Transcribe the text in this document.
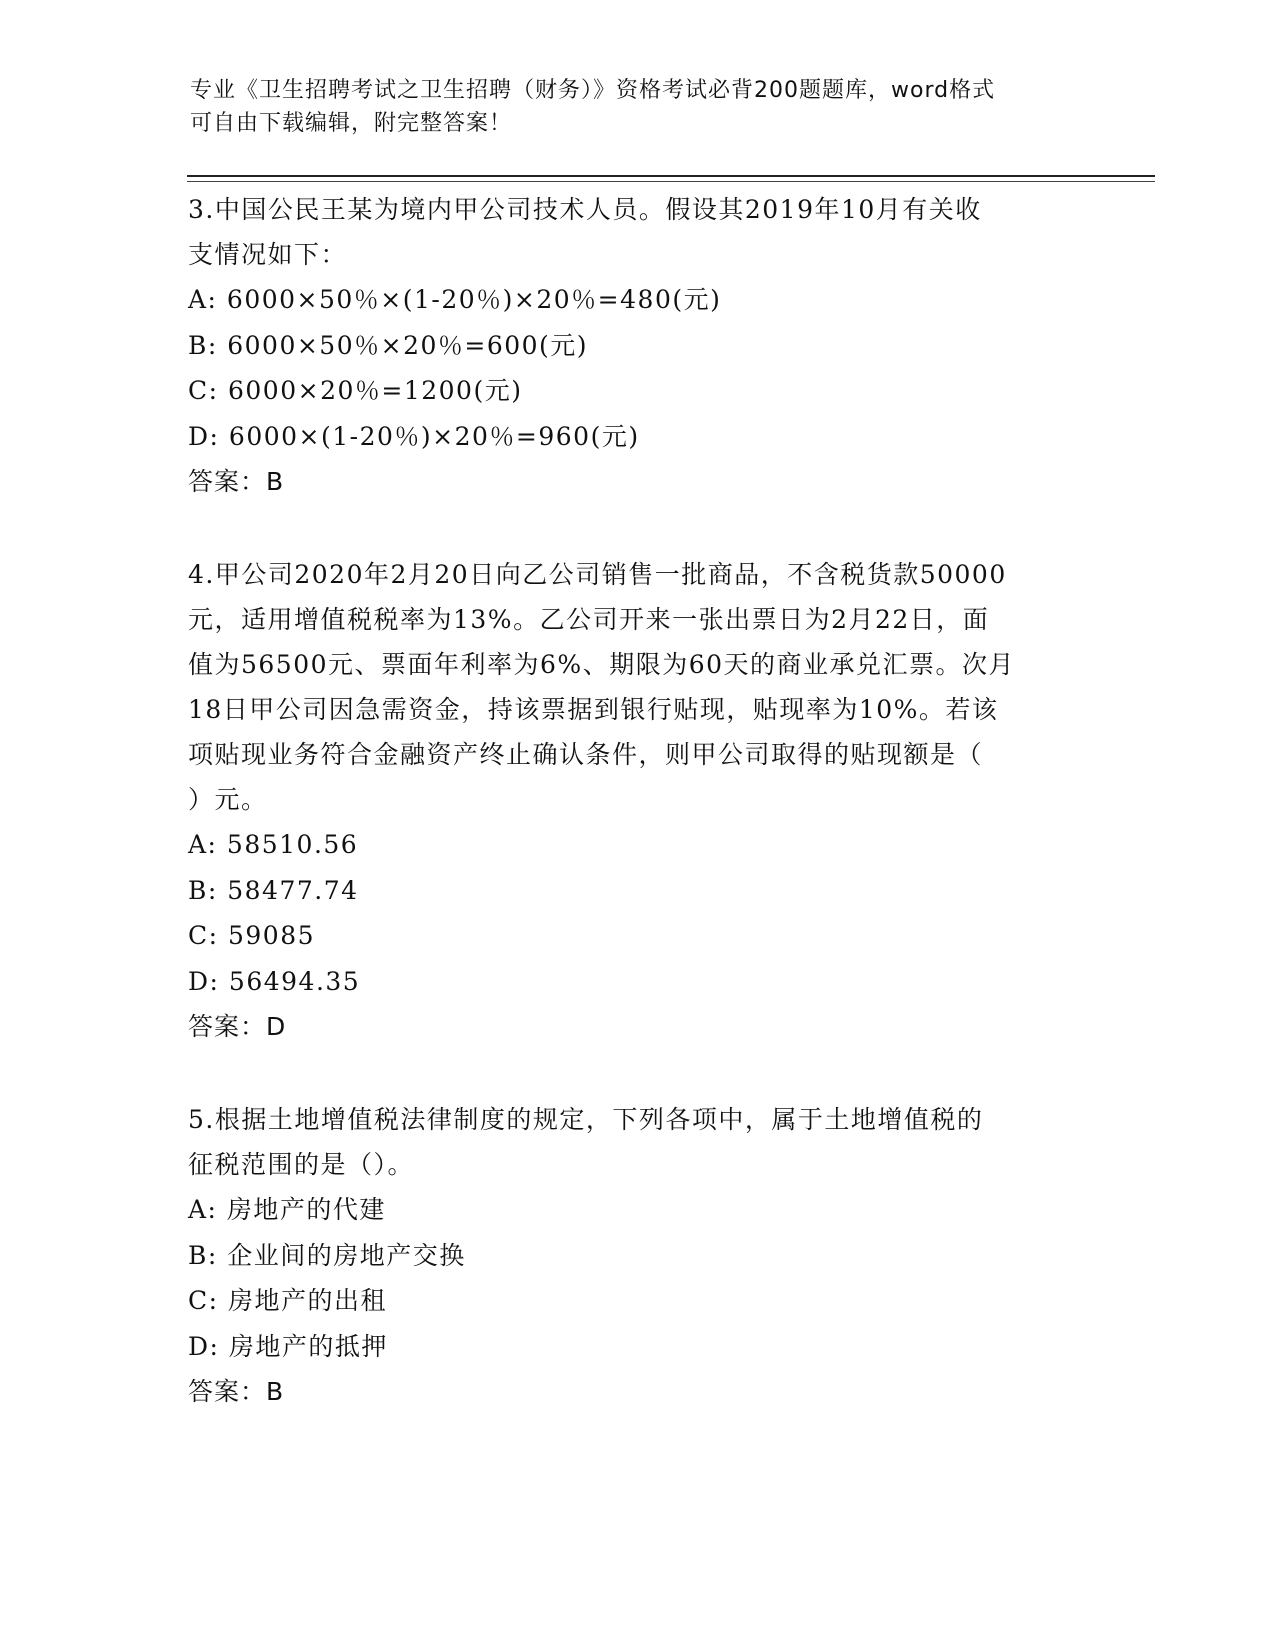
专业《卫生招聘考试之卫生招聘（财务）》资格考试必背200题题库，word格式
可自由下载编辑，附完整答案！

3.中国公民王某为境内甲公司技术人员。假设其2019年10月有关收

支情况如下：

A: 6000×50％×(1-20％)×20％=480(元)

B: 6000×50％×20％=600(元)

C: 6000×20％=1200(元)

D: 6000×(1-20％)×20％=960(元)

答案：B

4.甲公司2020年2月20日向乙公司销售一批商品，不含税货款50000

元，适用增值税税率为13%。乙公司开来一张出票日为2月22日，面

值为56500元、票面年利率为6%、期限为60天的商业承兑汇票。次月

18日甲公司因急需资金，持该票据到银行贴现，贴现率为10%。若该

项贴现业务符合金融资产终止确认条件，则甲公司取得的贴现额是（

）元。

A: 58510.56

B: 58477.74

C: 59085

D: 56494.35

答案：D

5.根据土地增值税法律制度的规定，下列各项中，属于土地增值税的

征税范围的是（）。

A: 房地产的代建

B: 企业间的房地产交换

C: 房地产的出租

D: 房地产的抵押

答案：B
